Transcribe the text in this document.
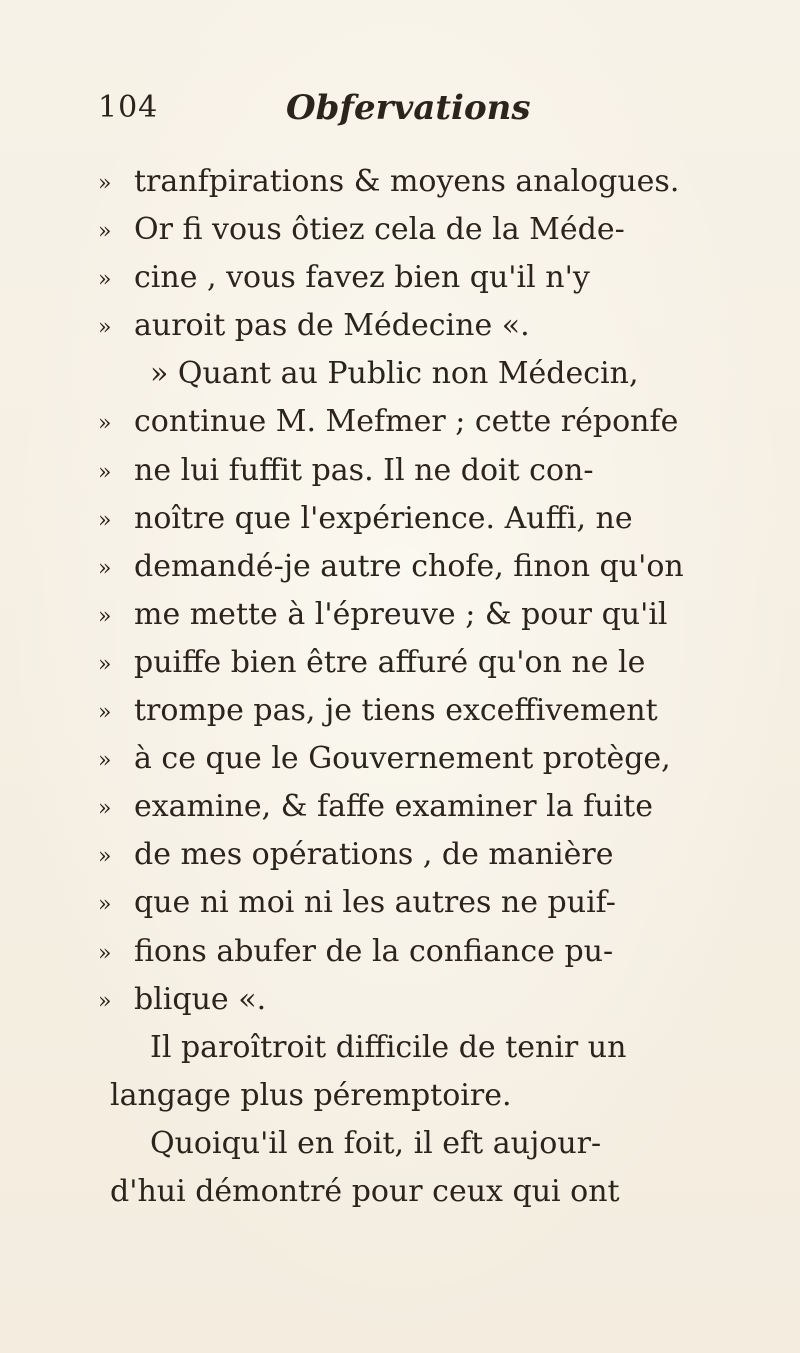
104	Obfervations
» tranfpirations & moyens analogues.
» Or fi vous ôtiez cela de la Méde-
» cine , vous favez bien qu'il n'y
» auroit pas de Médecine «.
» Quant au Public non Médecin,
» continue M. Mefmer ; cette réponfe
» ne lui fuffit pas. Il ne doit con-
» noître que l'expérience. Auffi, ne
» demandé-je autre chofe, finon qu'on
» me mette à l'épreuve ; & pour qu'il
» puiffe bien être affuré qu'on ne le
» trompe pas, je tiens exceffivement
» à ce que le Gouvernement protège,
» examine, & faffe examiner la fuite
» de mes opérations , de manière
» que ni moi ni les autres ne puif-
» fions abufer de la confiance pu-
» blique «.
Il paroîtroit difficile de tenir un
langage plus péremptoire.
Quoiqu'il en foit, il eft aujour-
d'hui démontré pour ceux qui ont
